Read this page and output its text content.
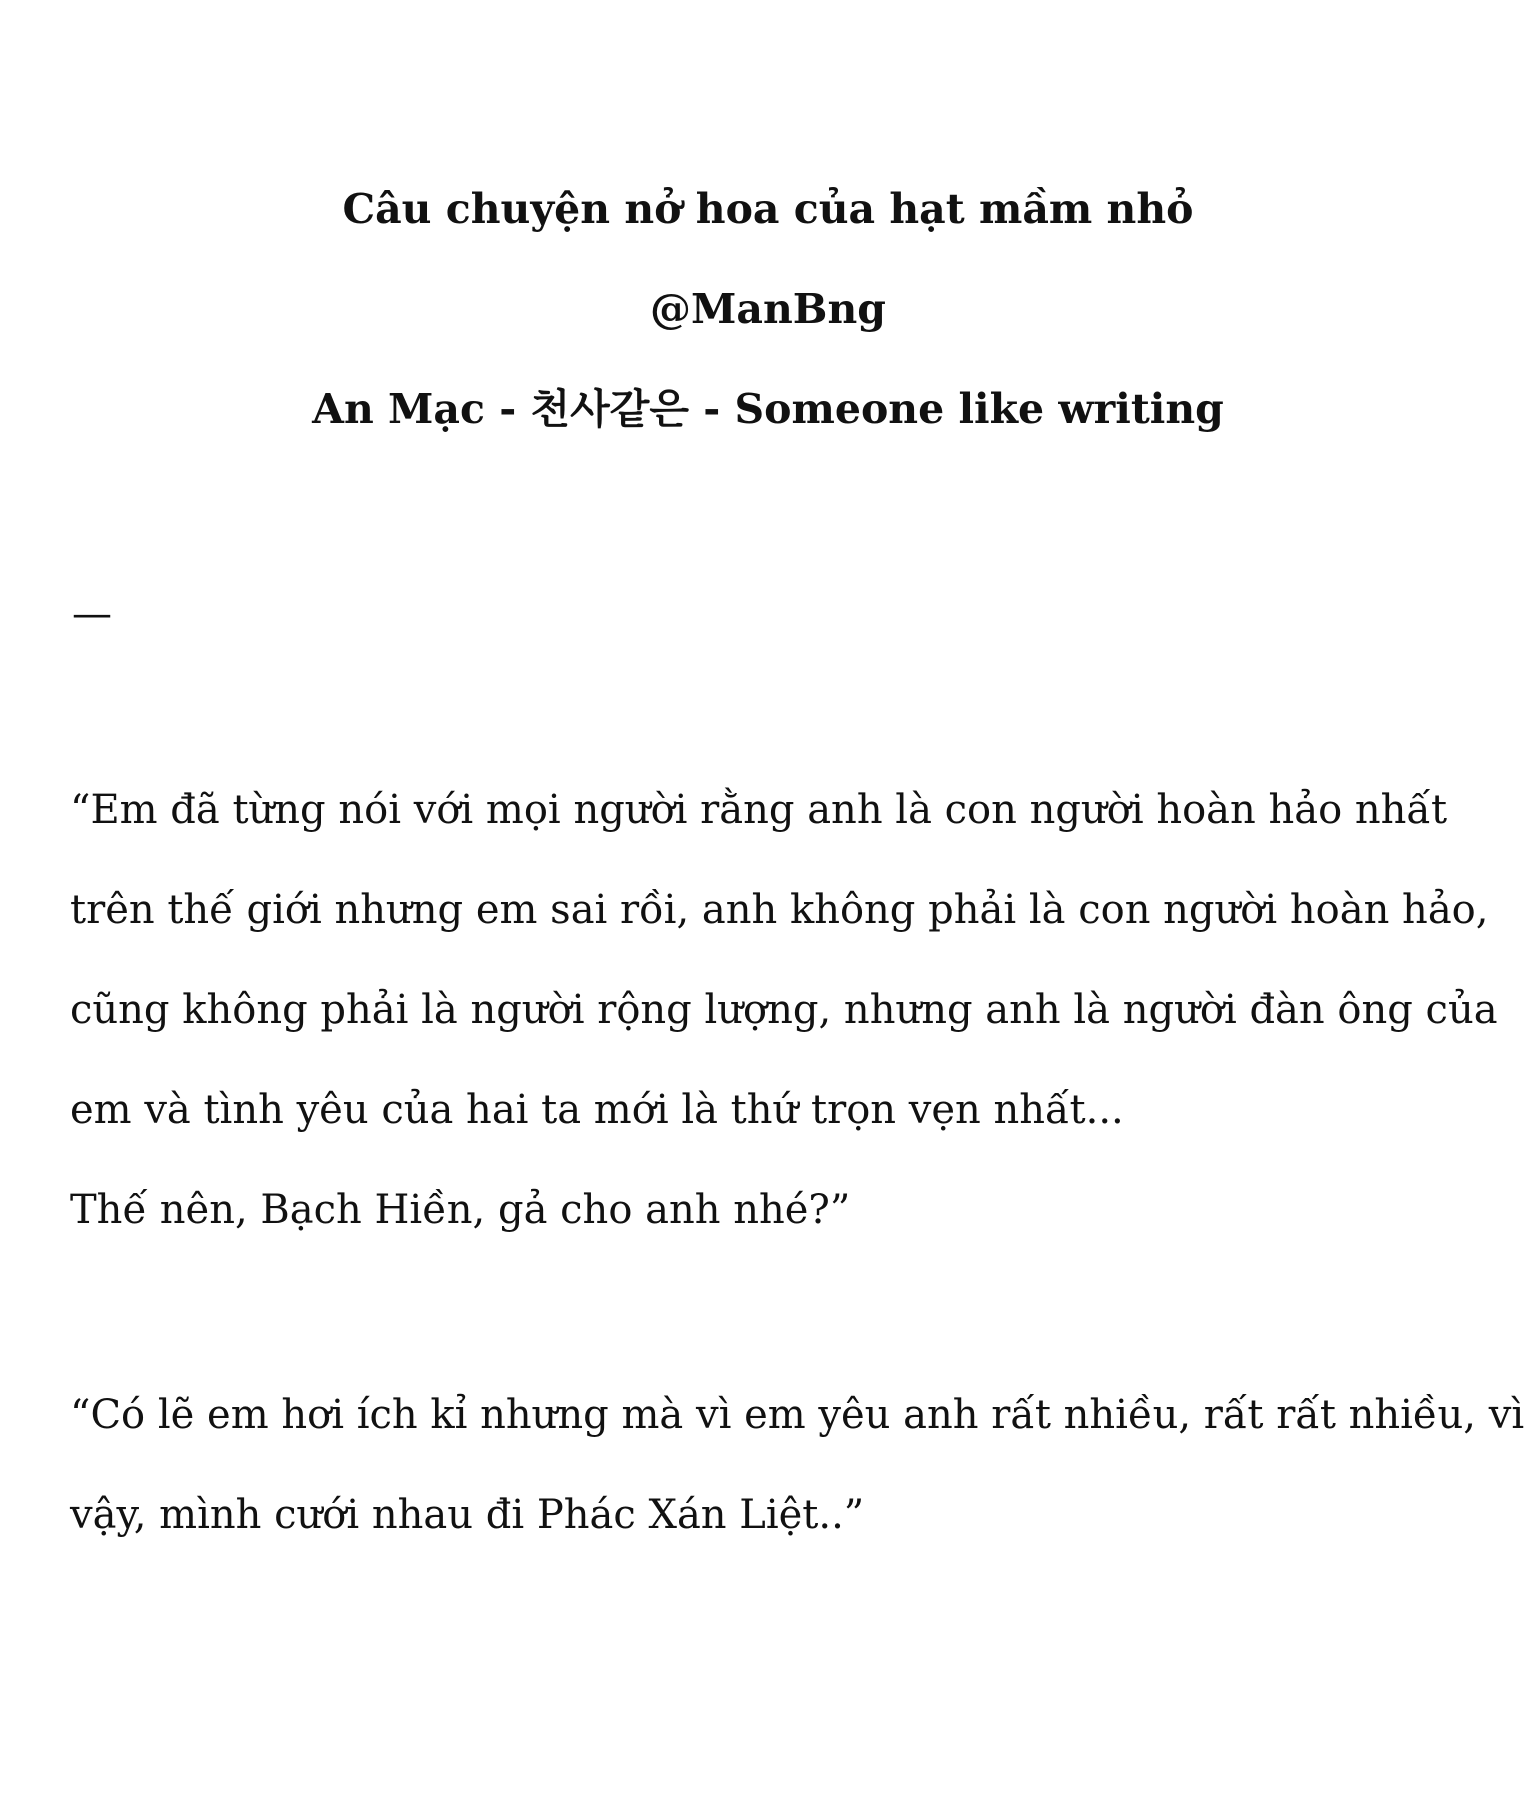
Câu chuyện nở hoa của hạt mầm nhỏ
@ManBng
An Mạc - 천사같은 - Someone like writing
—
“Em đã từng nói với mọi người rằng anh là con người hoàn hảo nhất
trên thế giới nhưng em sai rồi, anh không phải là con người hoàn hảo,
cũng không phải là người rộng lượng, nhưng anh là người đàn ông của
em và tình yêu của hai ta mới là thứ trọn vẹn nhất...
Thế nên, Bạch Hiền, gả cho anh nhé?”
“Có lẽ em hơi ích kỉ nhưng mà vì em yêu anh rất nhiều, rất rất nhiều, vì
vậy, mình cưới nhau đi Phác Xán Liệt..”
